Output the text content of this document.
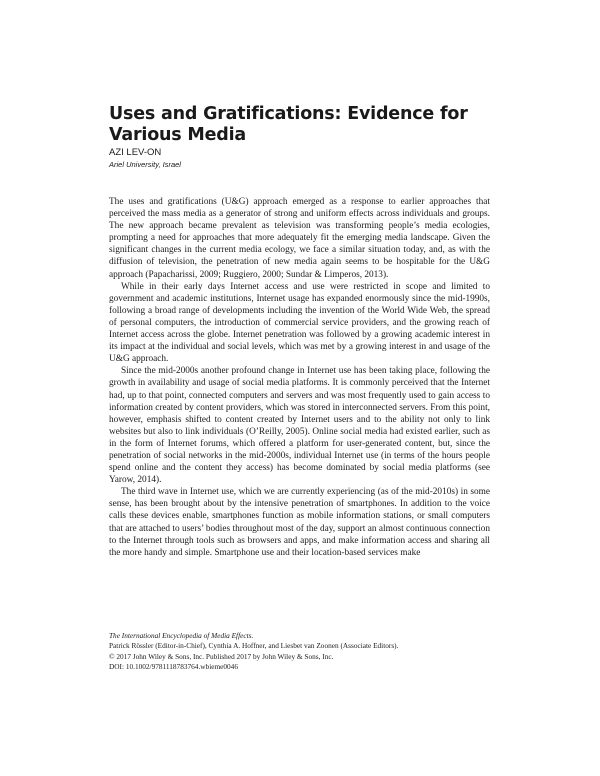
Uses and Gratifications: Evidence for Various Media
AZI LEV-ON
Ariel University, Israel

The uses and gratifications (U&G) approach emerged as a response to earlier approaches that perceived the mass media as a generator of strong and uniform effects across individuals and groups. The new approach became prevalent as television was transforming people’s media ecologies, prompting a need for approaches that more adequately fit the emerging media landscape. Given the significant changes in the current media ecology, we face a similar situation today, and, as with the diffusion of television, the penetration of new media again seems to be hospitable for the U&G approach (Papacharissi, 2009; Ruggiero, 2000; Sundar & Limperos, 2013).

While in their early days Internet access and use were restricted in scope and limited to government and academic institutions, Internet usage has expanded enormously since the mid-1990s, following a broad range of developments including the invention of the World Wide Web, the spread of personal computers, the introduction of commercial service providers, and the growing reach of Internet access across the globe. Internet penetration was followed by a growing academic interest in its impact at the individual and social levels, which was met by a growing interest in and usage of the U&G approach.

Since the mid-2000s another profound change in Internet use has been taking place, following the growth in availability and usage of social media platforms. It is commonly perceived that the Internet had, up to that point, connected computers and servers and was most frequently used to gain access to information created by content providers, which was stored in interconnected servers. From this point, however, emphasis shifted to content created by Internet users and to the ability not only to link websites but also to link individuals (O’Reilly, 2005). Online social media had existed earlier, such as in the form of Internet forums, which offered a platform for user-generated content, but, since the penetration of social networks in the mid-2000s, individual Internet use (in terms of the hours people spend online and the content they access) has become dominated by social media platforms (see Yarow, 2014).

The third wave in Internet use, which we are currently experiencing (as of the mid-2010s) in some sense, has been brought about by the intensive penetration of smartphones. In addition to the voice calls these devices enable, smartphones function as mobile information stations, or small computers that are attached to users’ bodies throughout most of the day, support an almost continuous connection to the Internet through tools such as browsers and apps, and make information access and sharing all the more handy and simple. Smartphone use and their location-based services make

The International Encyclopedia of Media Effects.
Patrick Rössler (Editor-in-Chief), Cynthia A. Hoffner, and Liesbet van Zoonen (Associate Editors).
© 2017 John Wiley & Sons, Inc. Published 2017 by John Wiley & Sons, Inc.
DOI: 10.1002/9781118783764.wbieme0046
